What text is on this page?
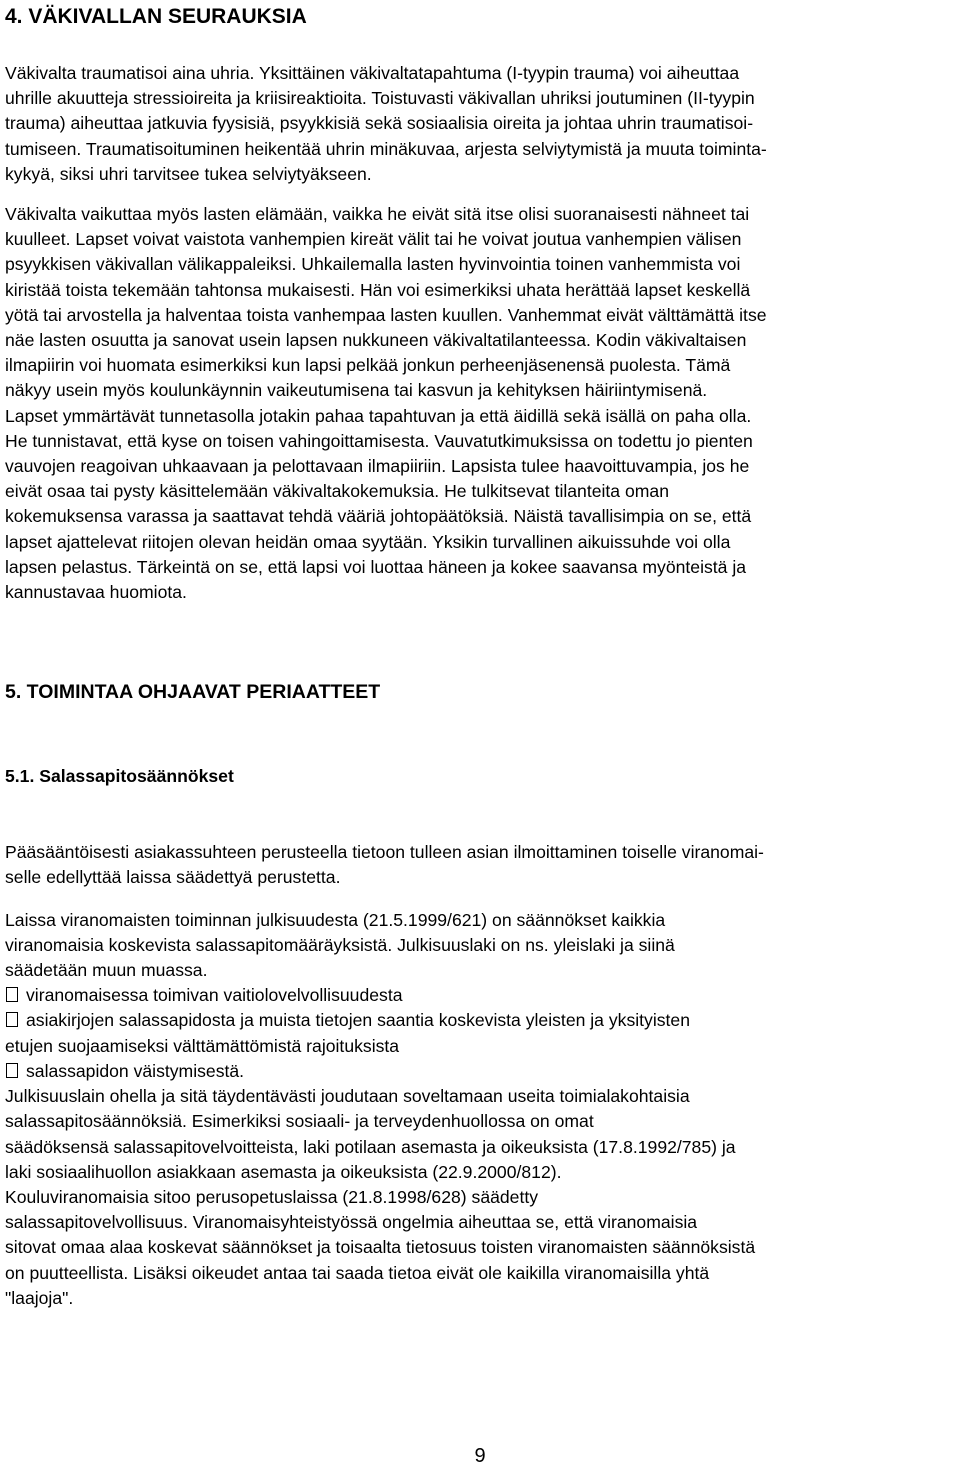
4. VÄKIVALLAN SEURAUKSIA
Väkivalta traumatisoi aina uhria. Yksittäinen väkivaltatapahtuma (I-tyypin trauma) voi aiheuttaa
uhrille akuutteja stressioireita ja kriisireaktioita. Toistuvasti väkivallan uhriksi joutuminen (II-tyypin
trauma) aiheuttaa jatkuvia fyysisiä, psyykkisiä sekä sosiaalisia oireita ja johtaa uhrin traumatisoi-
tumiseen. Traumatisoituminen heikentää uhrin minäkuvaa, arjesta selviytymistä ja muuta toiminta-
kykyä, siksi uhri tarvitsee tukea selviytyäkseen.
Väkivalta vaikuttaa myös lasten elämään, vaikka he eivät sitä itse olisi suoranaisesti nähneet tai
kuulleet. Lapset voivat vaistota vanhempien kireät välit tai he voivat joutua vanhempien välisen
psyykkisen väkivallan välikappaleiksi. Uhkailemalla lasten hyvinvointia toinen vanhemmista voi
kiristää toista tekemään tahtonsa mukaisesti. Hän voi esimerkiksi uhata herättää lapset keskellä
yötä tai arvostella ja halventaa toista vanhempaa lasten kuullen. Vanhemmat eivät välttämättä itse
näe lasten osuutta ja sanovat usein lapsen nukkuneen väkivaltatilanteessa. Kodin väkivaltaisen
ilmapiirin voi huomata esimerkiksi kun lapsi pelkää jonkun perheenjäsenensä puolesta. Tämä
näkyy usein myös koulunkäynnin vaikeutumisena tai kasvun ja kehityksen häiriintymisenä.
Lapset ymmärtävät tunnetasolla jotakin pahaa tapahtuvan ja että äidillä sekä isällä on paha olla.
He tunnistavat, että kyse on toisen vahingoittamisesta. Vauvatutkimuksissa on todettu jo pienten
vauvojen reagoivan uhkaavaan ja pelottavaan ilmapiiriin. Lapsista tulee haavoittuvampia, jos he
eivät osaa tai pysty käsittelemään väkivaltakokemuksia. He tulkitsevat tilanteita oman
kokemuksensa varassa ja saattavat tehdä vääriä johtopäätöksiä. Näistä tavallisimpia on se, että
lapset ajattelevat riitojen olevan heidän omaa syytään. Yksikin turvallinen aikuissuhde voi olla
lapsen pelastus. Tärkeintä on se, että lapsi voi luottaa häneen ja kokee saavansa myönteistä ja
kannustavaa huomiota.
5. TOIMINTAA OHJAAVAT PERIAATTEET
5.1. Salassapitosäännökset
Pääsääntöisesti asiakassuhteen perusteella tietoon tulleen asian ilmoittaminen toiselle viranomai-
selle edellyttää laissa säädettyä perustetta.
Laissa viranomaisten toiminnan julkisuudesta (21.5.1999/621) on säännökset kaikkia
viranomaisia koskevista salassapitomääräyksistä. Julkisuuslaki on ns. yleislaki ja siinä
säädetään muun muassa.
viranomaisessa toimivan vaitiolovelvollisuudesta
asiakirjojen salassapidosta ja muista tietojen saantia koskevista yleisten ja yksityisten
etujen suojaamiseksi välttämättömistä rajoituksista
salassapidon väistymisestä.
Julkisuuslain ohella ja sitä täydentävästi joudutaan soveltamaan useita toimialakohtaisia
salassapitosäännöksiä. Esimerkiksi sosiaali- ja terveydenhuollossa on omat
säädöksensä salassapitovelvoitteista, laki potilaan asemasta ja oikeuksista (17.8.1992/785) ja
laki sosiaalihuollon asiakkaan asemasta ja oikeuksista (22.9.2000/812).
Kouluviranomaisia sitoo perusopetuslaissa (21.8.1998/628) säädetty
salassapitovelvollisuus. Viranomaisyhteistyössä ongelmia aiheuttaa se, että viranomaisia
sitovat omaa alaa koskevat säännökset ja toisaalta tietosuus toisten viranomaisten säännöksistä
on puutteellista. Lisäksi oikeudet antaa tai saada tietoa eivät ole kaikilla viranomaisilla yhtä
"laajoja".
9
